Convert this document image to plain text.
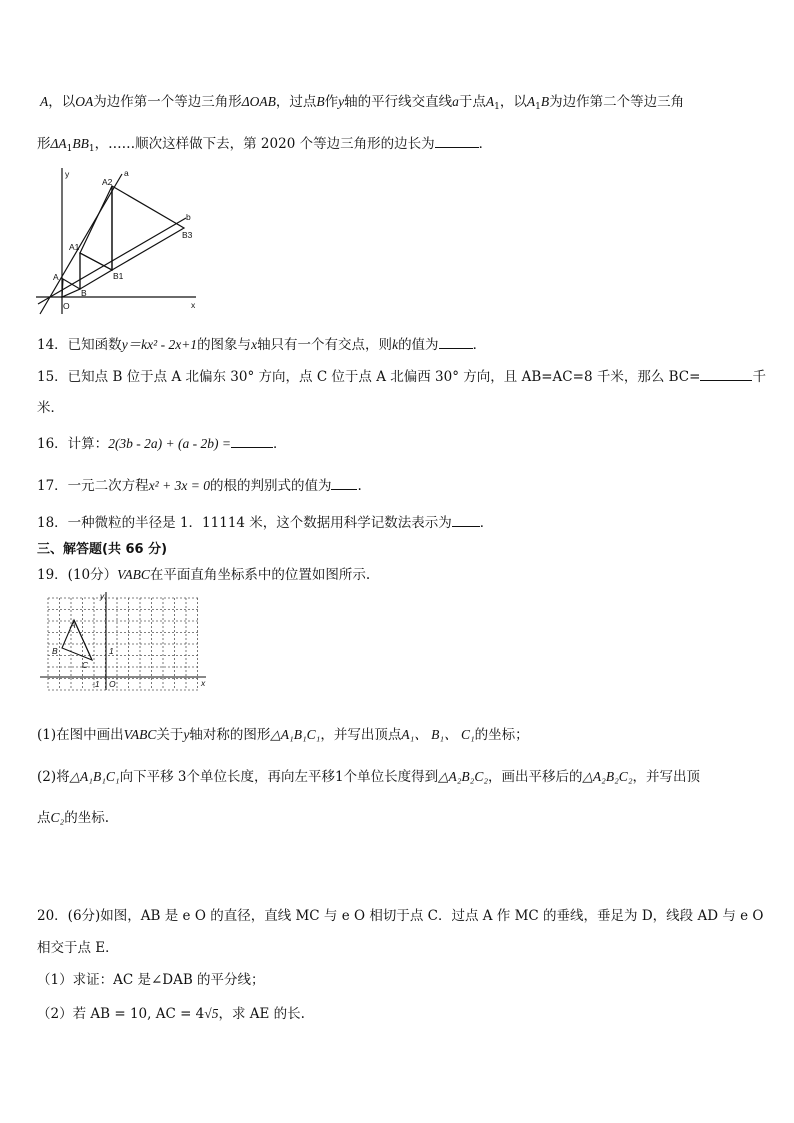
A，以OA为边作第一个等边三角形ΔOAB，过点B作y轴的平行线交直线a于点$A_1$，以$A_1B$为边作第二个等边三角
形$\Delta A_1BB_1$，……顺次这样做下去，第 2020 个等边三角形的边长为	．
y
A2
a
b
B3
A1
B1
A
B
O	x
14．已知函数y＝kx² - 2x+1的图象与x轴只有一个有交点，则k的值为	．
15．已知点 B 位于点 A 北偏东 30° 方向，点 C 位于点 A 北偏西 30° 方向，且 AB=AC=8 千米，那么 BC=	千
米．
16．计算：2(3b - 2a) + (a - 2b) =	．
17．一元二次方程x² + 3x = 0的根的判别式的值为 .
18．一种微粒的半径是 1．11114 米，这个数据用科学记数法表示为 ．
三、解答题(共 66 分)
19．(10分）VABC在平面直角坐标系中的位置如图所示.
y
A
B
C
1
-1 O	x
(1)在图中画出VABC关于y轴对称的图形△A₁B₁C₁，并写出顶点A₁、 B₁、 C₁的坐标；
(2)将△A₁B₁C₁向下平移 3个单位长度，再向左平移1个单位长度得到△A₂B₂C₂，画出平移后的△A₂B₂C₂，并写出顶
点C₂的坐标.
20．(6分)如图，AB 是 e O 的直径，直线 MC 与 e O 相切于点 C．过点 A 作 MC 的垂线，垂足为 D，线段 AD 与 e O
相交于点 E．
（1）求证：AC 是∠DAB 的平分线；
（2）若 AB = 10, AC = 4√5，求 AE 的长.
